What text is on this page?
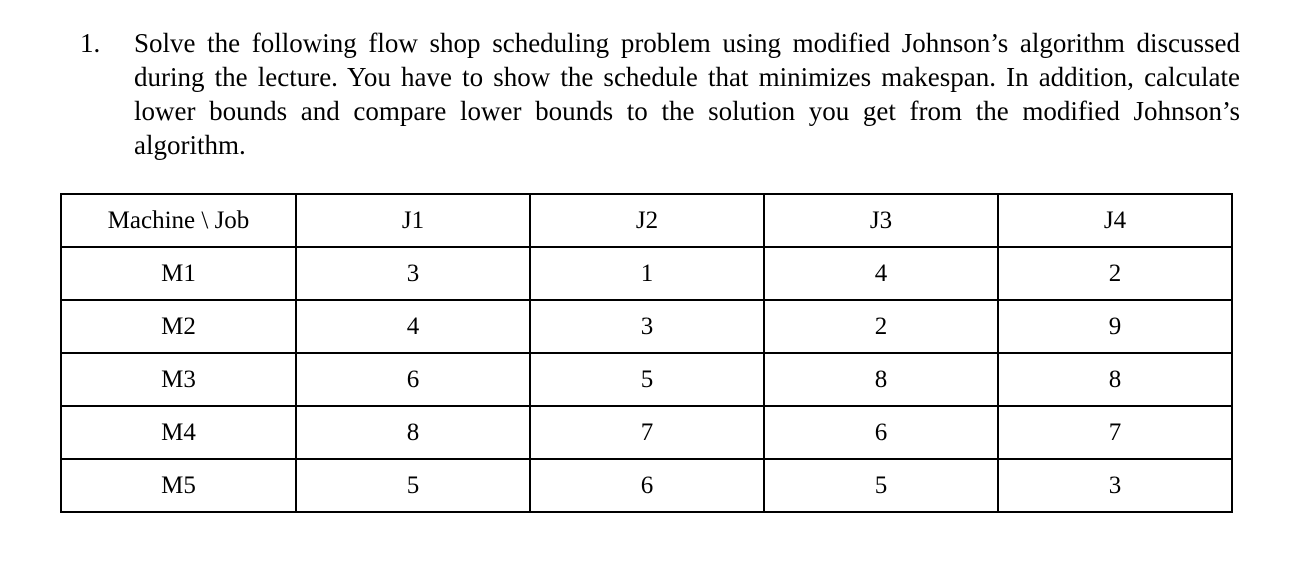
1.	Solve the following flow shop scheduling problem using modified Johnson’s algorithm discussed during the lecture. You have to show the schedule that minimizes makespan. In addition, calculate lower bounds and compare lower bounds to the solution you get from the modified Johnson’s algorithm.
Machine \ Job	J1	J2	J3	J4
M1	3	1	4	2
M2	4	3	2	9
M3	6	5	8	8
M4	8	7	6	7
M5	5	6	5	3
